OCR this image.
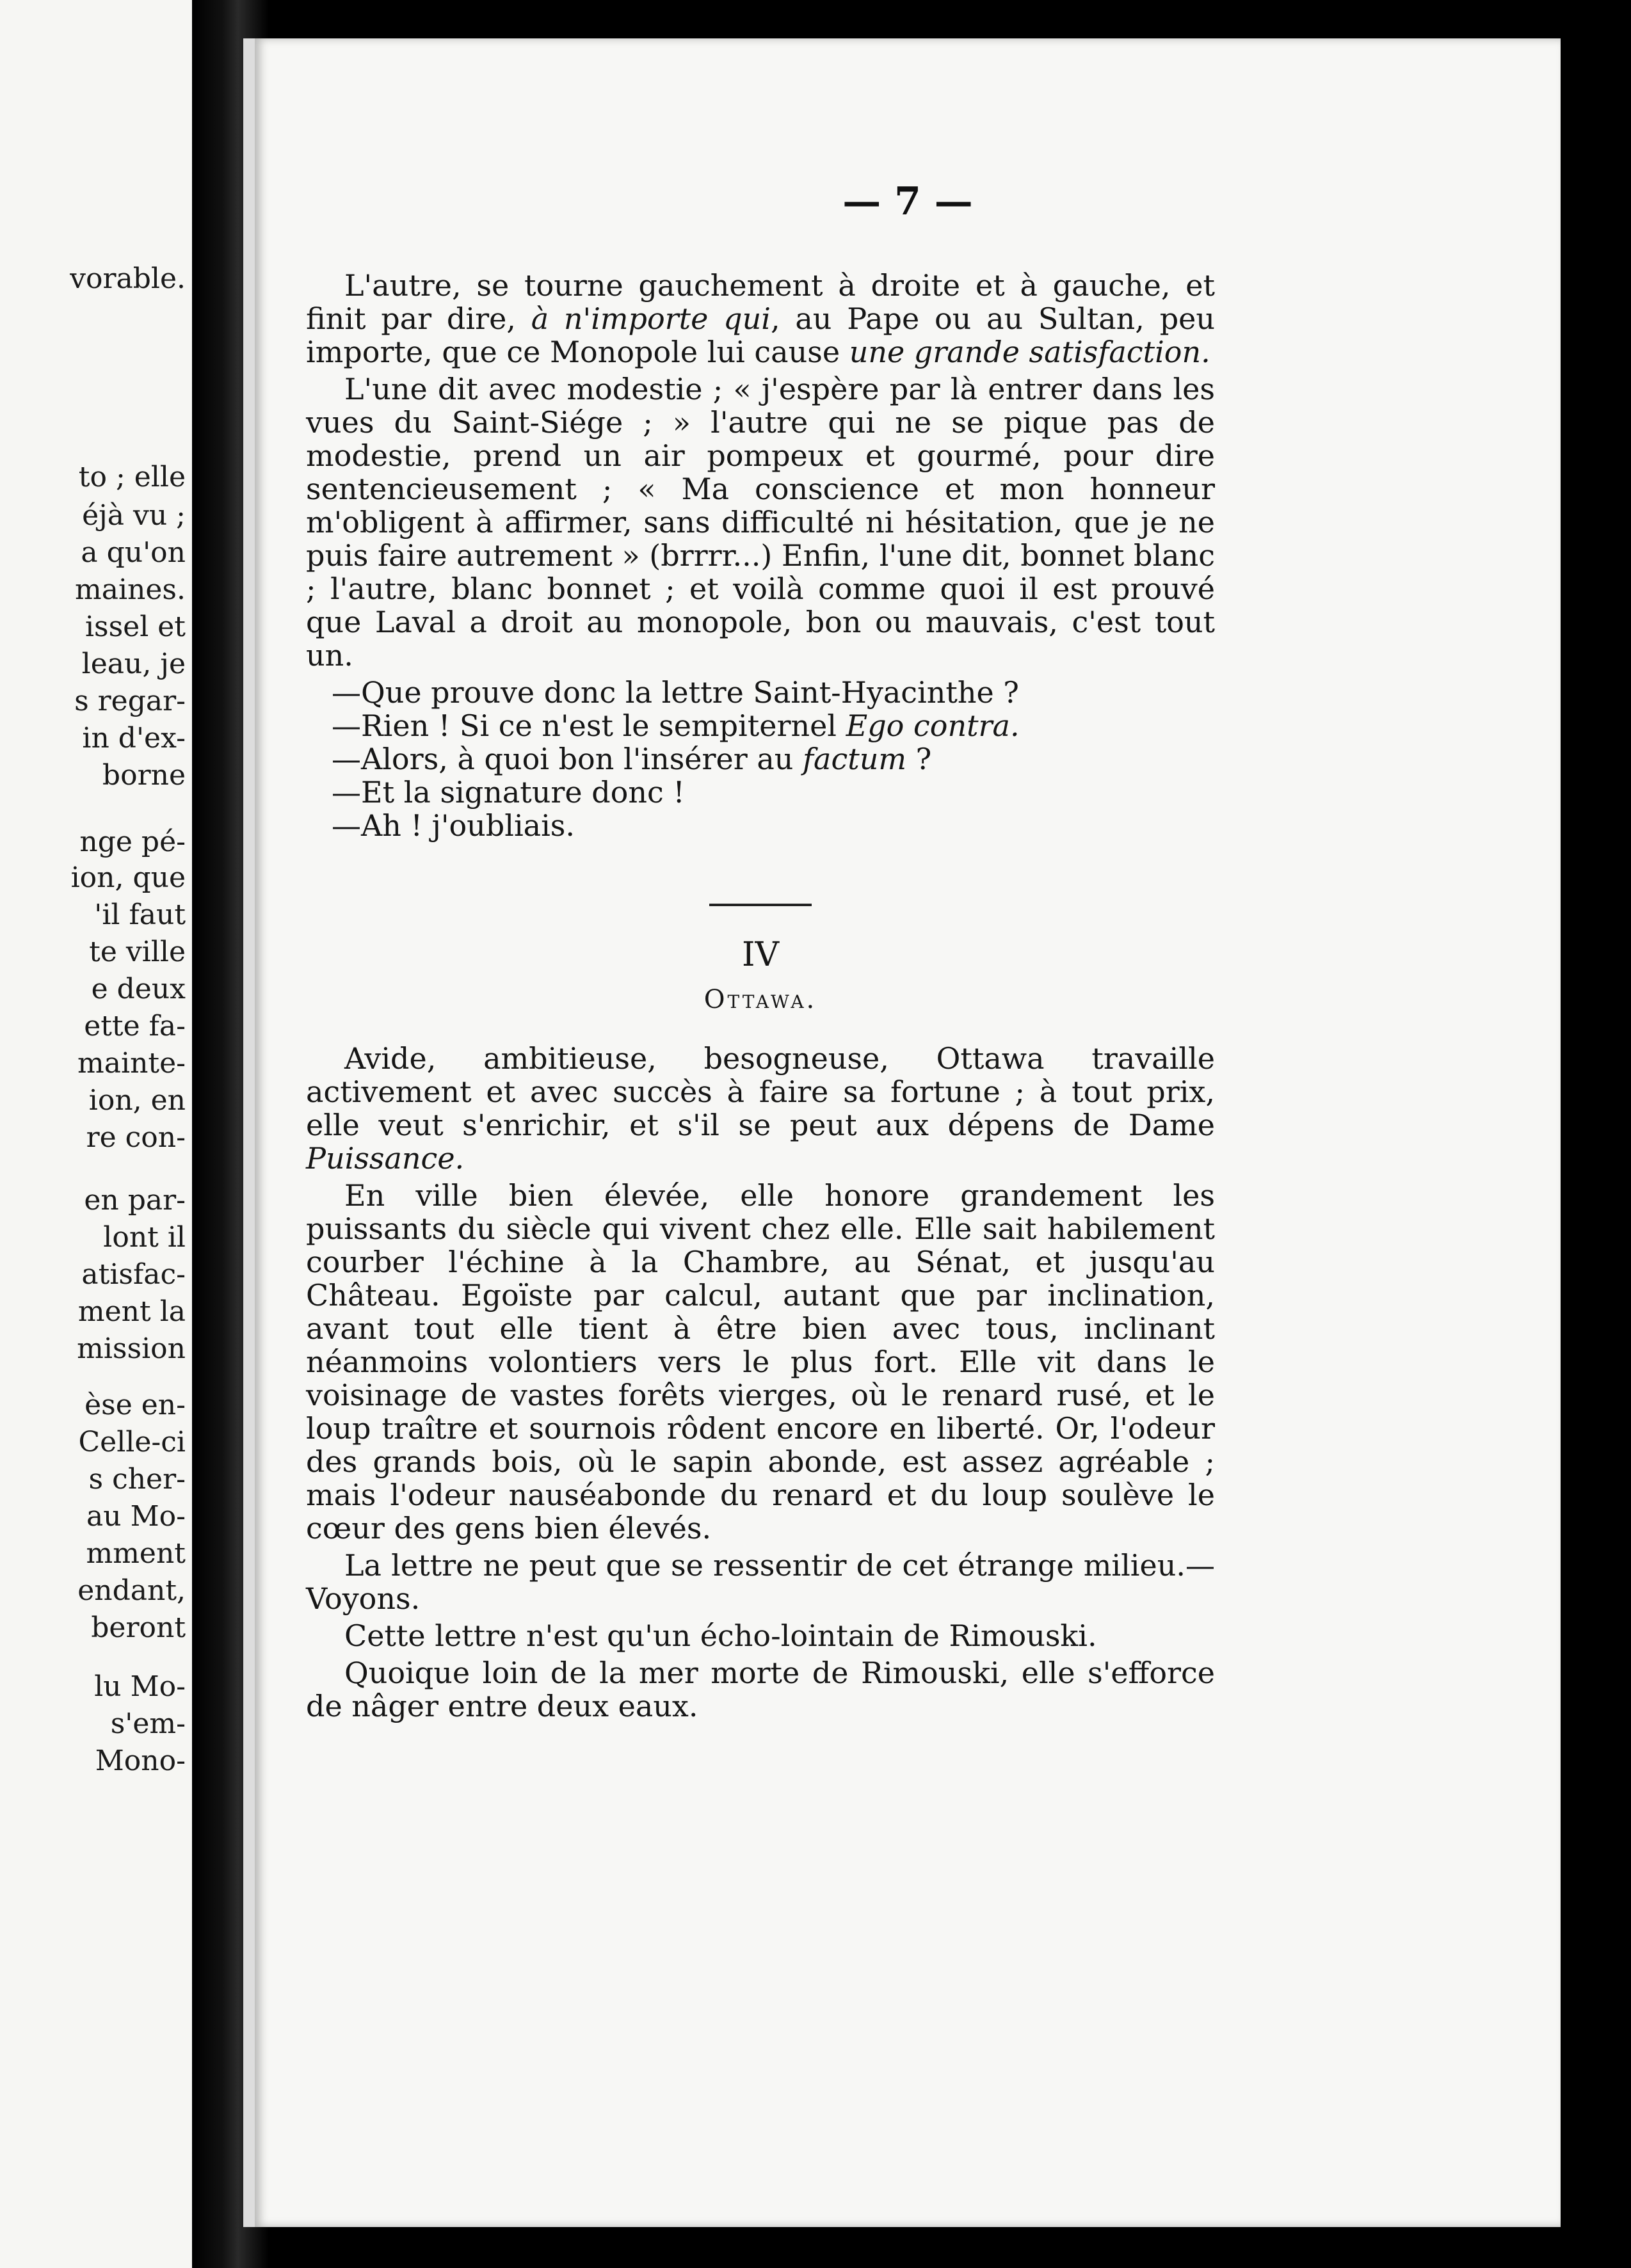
vorable.
to ; elle
éjà vu ;
a qu'on
maines.
issel et
leau, je
s regar-
in d'ex-
borne
nge pé-
ion, que
'il faut
te ville
e deux
ette fa-
mainte-
ion, en
re con-
en par-
lont il
atisfac-
ment la
mission
èse en-
Celle-ci
s cher-
au Mo-
mment
endant,
beront
lu Mo-
s'em-
Mono-
— 7 —

L'autre, se tourne gauchement à droite et à gauche, et finit par dire, à n'importe qui, au Pape ou au Sultan, peu importe, que ce Monopole lui cause une grande satisfaction.

L'une dit avec modestie ; « j'espère par là entrer dans les vues du Saint-Siége ; » l'autre qui ne se pique pas de modestie, prend un air pompeux et gourmé, pour dire sentencieusement ; « Ma conscience et mon honneur m'obligent à affirmer, sans difficulté ni hésitation, que je ne puis faire autrement » (brrrr...) Enfin, l'une dit, bonnet blanc ; l'autre, blanc bonnet ; et voilà comme quoi il est prouvé que Laval a droit au monopole, bon ou mauvais, c'est tout un.

—Que prouve donc la lettre Saint-Hyacinthe ?

—Rien ! Si ce n'est le sempiternel Ego contra.

—Alors, à quoi bon l'insérer au factum ?

—Et la signature donc !

—Ah ! j'oubliais.

IV
Ottawa.

Avide, ambitieuse, besogneuse, Ottawa travaille activement et avec succès à faire sa fortune ; à tout prix, elle veut s'enrichir, et s'il se peut aux dépens de Dame Puissance.

En ville bien élevée, elle honore grandement les puissants du siècle qui vivent chez elle. Elle sait habilement courber l'échine à la Chambre, au Sénat, et jusqu'au Château. Egoïste par calcul, autant que par inclination, avant tout elle tient à être bien avec tous, inclinant néanmoins volontiers vers le plus fort. Elle vit dans le voisinage de vastes forêts vierges, où le renard rusé, et le loup traître et sournois rôdent encore en liberté. Or, l'odeur des grands bois, où le sapin abonde, est assez agréable ; mais l'odeur nauséabonde du renard et du loup soulève le cœur des gens bien élevés.

La lettre ne peut que se ressentir de cet étrange milieu.—Voyons.

Cette lettre n'est qu'un écho-lointain de Rimouski.

Quoique loin de la mer morte de Rimouski, elle s'efforce de nâger entre deux eaux.
